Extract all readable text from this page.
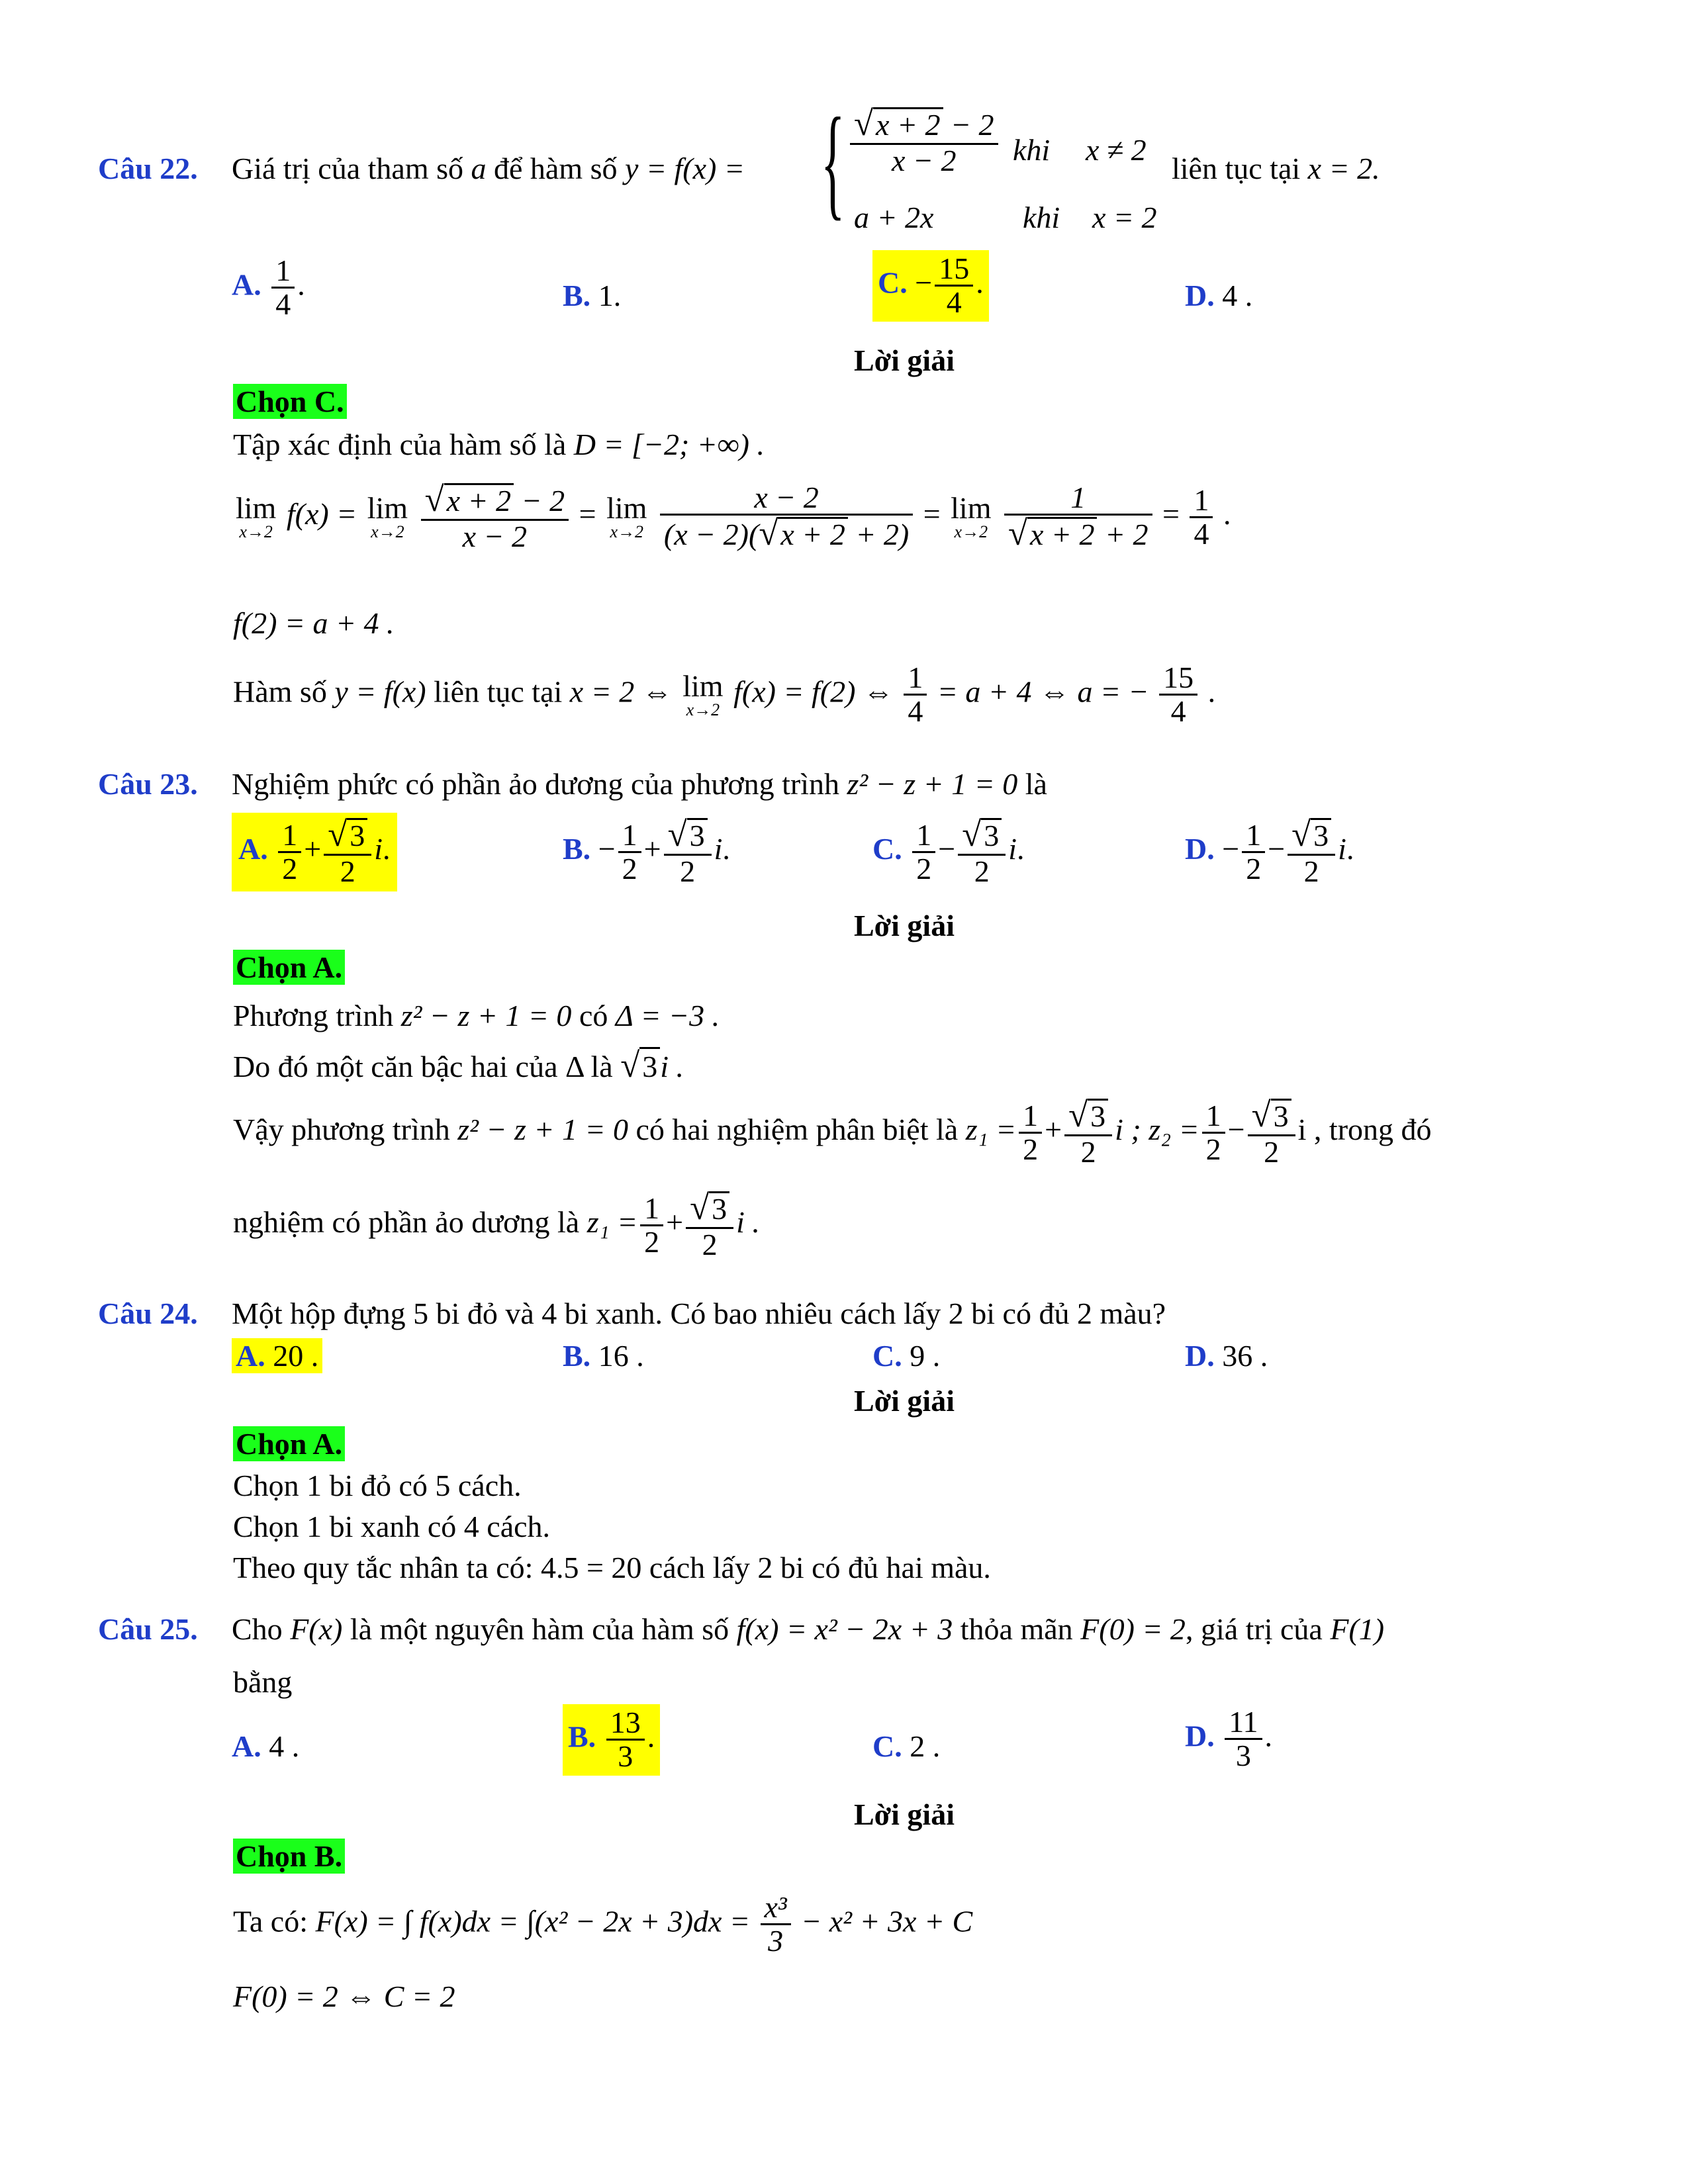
Câu 22. Giá trị của tham số a để hàm số y = f(x) = { $\frac{√x + 2 - 2}{x - 2}$ khi x ≠ 2
a + 2x	khi x = 2
liên tục tại x = 2.
A. $\frac{1}{4}$ .	B. 1.	C. − $\frac{15}{4}$ .	D. 4 .
Lời giải
Chọn C.
Tập xác định của hàm số là D = [−2; +∞) .
lim
x→2
f(x) = lim
x→2
$\frac{√x + 2 - 2}{x - 2} = \lim$
x→2
$\frac{x - 2}{(x - 2)(√x + 2 + 2)} = \lim$
x→2
$\frac{1}{√x + 2 + 2} = \frac{1}{4}$ .
f(2) = a + 4 .
Hàm số y = f(x) liên tục tại x = 2 ⇔ lim
x→2
f(x) = f(2) ⇔ $\frac{1}{4} = a + 4$ ⇔ a = − $\frac{15}{4}$ .
Câu 23. Nghiệm phức có phần ảo dương của phương trình z² − z + 1 = 0 là
A. $\frac{1}{2} + \frac{√3}{2} i$.	B. − $\frac{1}{2} + \frac{√3}{2} i$.	C. $\frac{1}{2} - \frac{√3}{2} i$.	D. − $\frac{1}{2} - \frac{√3}{2} i$.
Lời giải
Chọn A.
Phương trình z² − z + 1 = 0 có Δ = −3 .
Do đó một căn bậc hai của Δ là √3i .
Vậy phương trình z² − z + 1 = 0 có hai nghiệm phân biệt là $z_1 = \frac{1}{2} + \frac{√3}{2}$ i ; $z_2 = \frac{1}{2} - \frac{√3}{2}$ i , trong đó
nghiệm có phần ảo dương là $z_1 = \frac{1}{2} + \frac{√3}{2}$ i .
Câu 24. Một hộp đựng 5 bi đỏ và 4 bi xanh. Có bao nhiêu cách lấy 2 bi có đủ 2 màu?
A. 20 .	B. 16 .	C. 9 .	D. 36 .
Lời giải
Chọn A.
Chọn 1 bi đỏ có 5 cách.
Chọn 1 bi xanh có 4 cách.
Theo quy tắc nhân ta có: 4.5 = 20 cách lấy 2 bi có đủ hai màu.
Câu 25. Cho F(x) là một nguyên hàm của hàm số f(x) = x² − 2x + 3 thỏa mãn F(0) = 2, giá trị của F(1)
bằng
A. 4 .	B. $\frac{13}{3}$ .	C. 2 .	D. $\frac{11}{3}$ .
Lời giải
Chọn B.
Ta có: F(x) = ∫ $f(x)dx = \int(x^2 - 2x + 3)dx = \frac{\text{x³}}{3} - x^2 + 3x + C$
F(0) = 2 ⇔ C = 2
